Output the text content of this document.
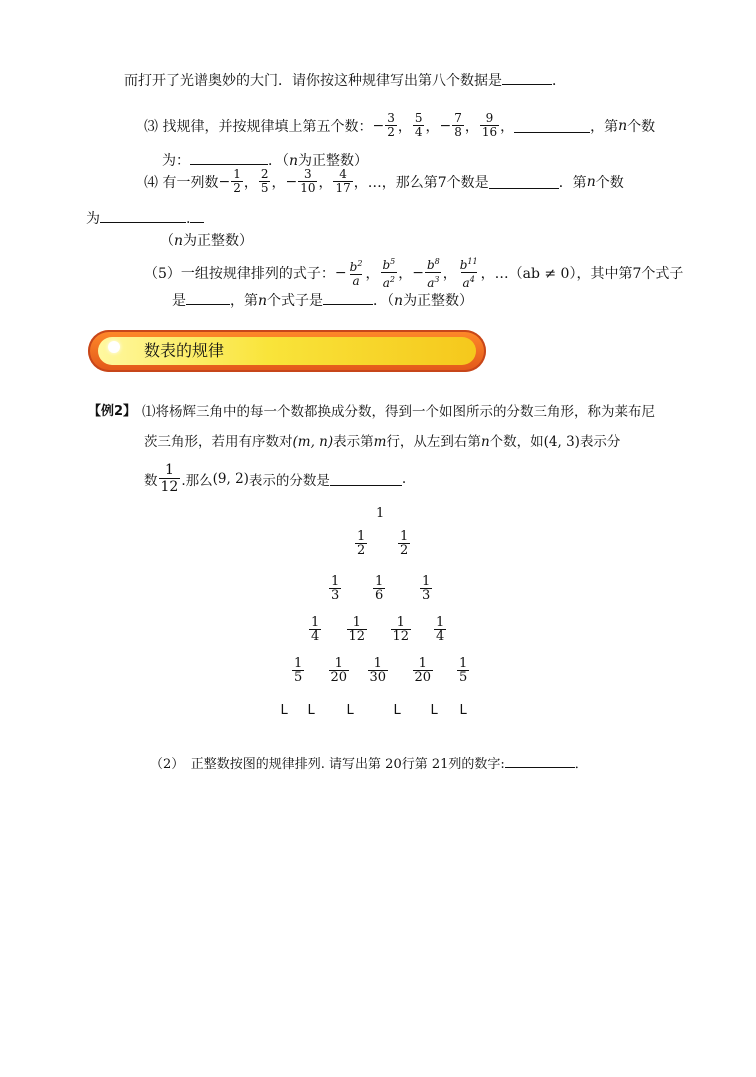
而打开了光谱奥妙的大门．请你按这种规律写出第八个数据是	．
⑶ 找规律，并按规律填上第五个数： − $\frac{3}{2}$ ， $\frac{5}{4}$ ， − $\frac{7}{8}$ ， $\frac{9}{16}$ ，	，第 n 个数
为：	．（n为正整数）
⑷ 有一列数 − $\frac{1}{2}$ ， $\frac{2}{5}$ ， − $\frac{3}{10}$ ， $\frac{4}{17}$ ，…，那么第7个数是	．第 n 个数
为	.
（n为正整数）
（5）一组按规律排列的式子： − $\frac{b^2}{a}$ ， $\frac{b^5}{a^2}$ ， − $\frac{b^8}{a^3}$ ， $\frac{b^{11}}{a^4}$ ，…（ab ≠ 0），其中第7个式子
是	，第n个式子是	．（n为正整数）
数表的规律
【例2】 ⑴将杨辉三角中的每一个数都换成分数，得到一个如图所示的分数三角形，称为莱布尼
茨三角形，若用有序数对(m, n)表示第m行，从左到右第n个数，如(4, 3)表示分
数 $\frac{1}{12}$ .那么 (9, 2) 表示的分数是	.
（2）　正整数按图的规律排列. 请写出第 20行第 21列的数字:	．
1
$\frac{1}{2} \frac{1}{2}$
$\frac{1}{3} \frac{1}{6}$	$\frac{1}{3}$
$\frac{1}{4} \frac{1}{12} \frac{1}{12} \frac{1}{4}$
$\frac{1}{5} \frac{1}{20} \frac{1}{30} \frac{1}{20} \frac{1}{5}$
L L L	L L L
